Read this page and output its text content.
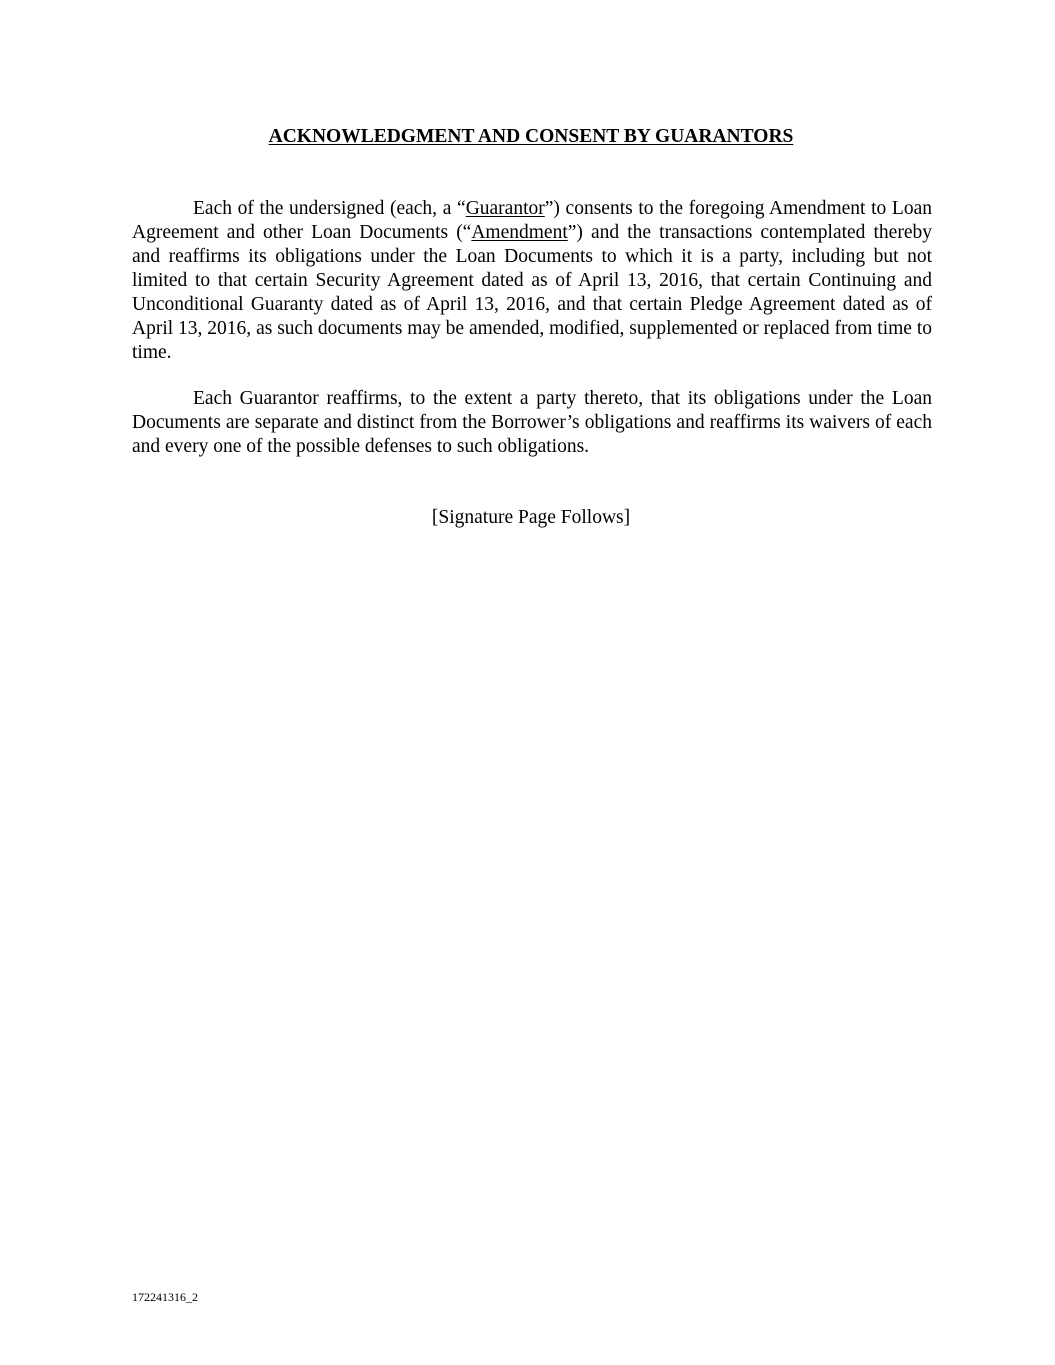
ACKNOWLEDGMENT AND CONSENT BY GUARANTORS

Each of the undersigned (each, a “Guarantor”) consents to the foregoing Amendment to Loan Agreement and other Loan Documents (“Amendment”) and the transactions contemplated thereby and reaffirms its obligations under the Loan Documents to which it is a party, including but not limited to that certain Security Agreement dated as of April 13, 2016, that certain Continuing and Unconditional Guaranty dated as of April 13, 2016, and that certain Pledge Agreement dated as of April 13, 2016, as such documents may be amended, modified, supplemented or replaced from time to time.

Each Guarantor reaffirms, to the extent a party thereto, that its obligations under the Loan Documents are separate and distinct from the Borrower’s obligations and reaffirms its waivers of each and every one of the possible defenses to such obligations.

[Signature Page Follows]
172241316_2
